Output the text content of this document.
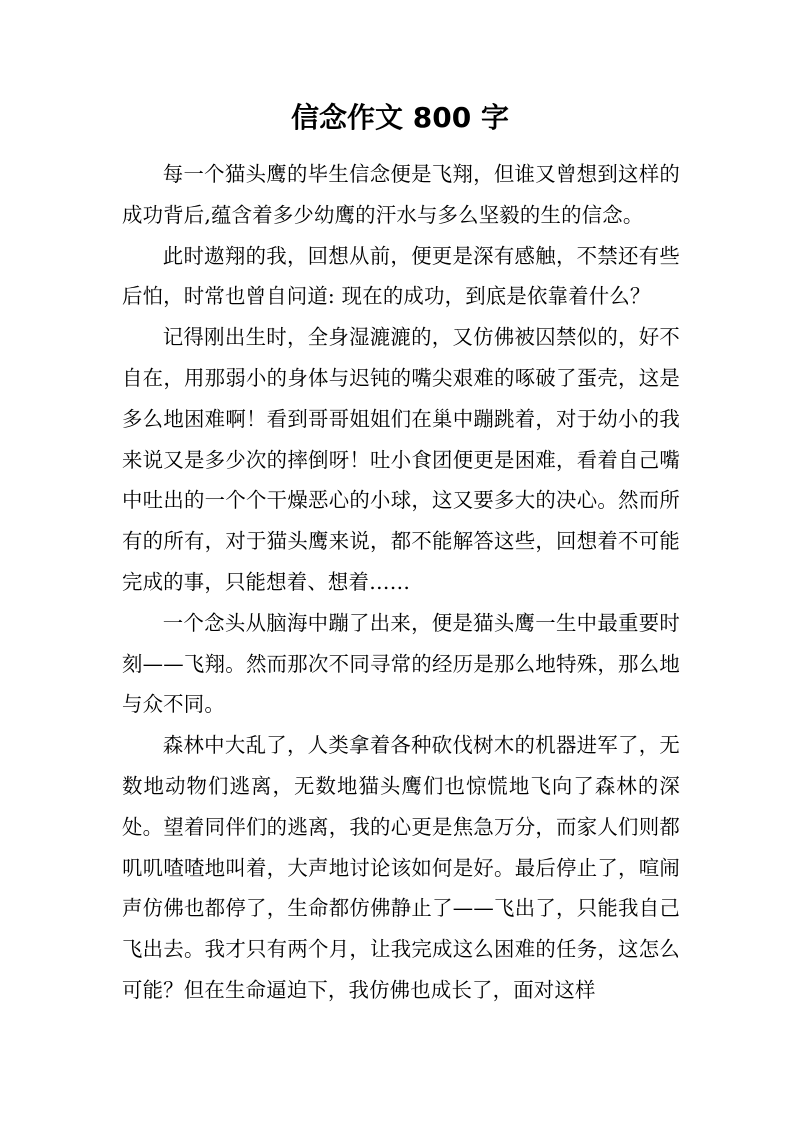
信念作文 800 字

每一个猫头鹰的毕生信念便是飞翔，但谁又曾想到这样的成功背后,蕴含着多少幼鹰的汗水与多么坚毅的生的信念。

此时遨翔的我，回想从前，便更是深有感触，不禁还有些后怕，时常也曾自问道: 现在的成功，到底是依靠着什么？

记得刚出生时，全身湿漉漉的，又仿佛被囚禁似的，好不自在，用那弱小的身体与迟钝的嘴尖艰难的啄破了蛋壳，这是多么地困难啊！看到哥哥姐姐们在巢中蹦跳着，对于幼小的我来说又是多少次的摔倒呀！吐小食团便更是困难，看着自己嘴中吐出的一个个干燥恶心的小球，这又要多大的决心。然而所有的所有，对于猫头鹰来说，都不能解答这些，回想着不可能完成的事，只能想着、想着……

一个念头从脑海中蹦了出来，便是猫头鹰一生中最重要时刻——飞翔。然而那次不同寻常的经历是那么地特殊，那么地与众不同。

森林中大乱了，人类拿着各种砍伐树木的机器进军了，无数地动物们逃离，无数地猫头鹰们也惊慌地飞向了森林的深处。望着同伴们的逃离，我的心更是焦急万分，而家人们则都叽叽喳喳地叫着，大声地讨论该如何是好。最后停止了，喧闹声仿佛也都停了，生命都仿佛静止了——飞出了，只能我自己飞出去。我才只有两个月，让我完成这么困难的任务，这怎么可能？但在生命逼迫下，我仿佛也成长了，面对这样
